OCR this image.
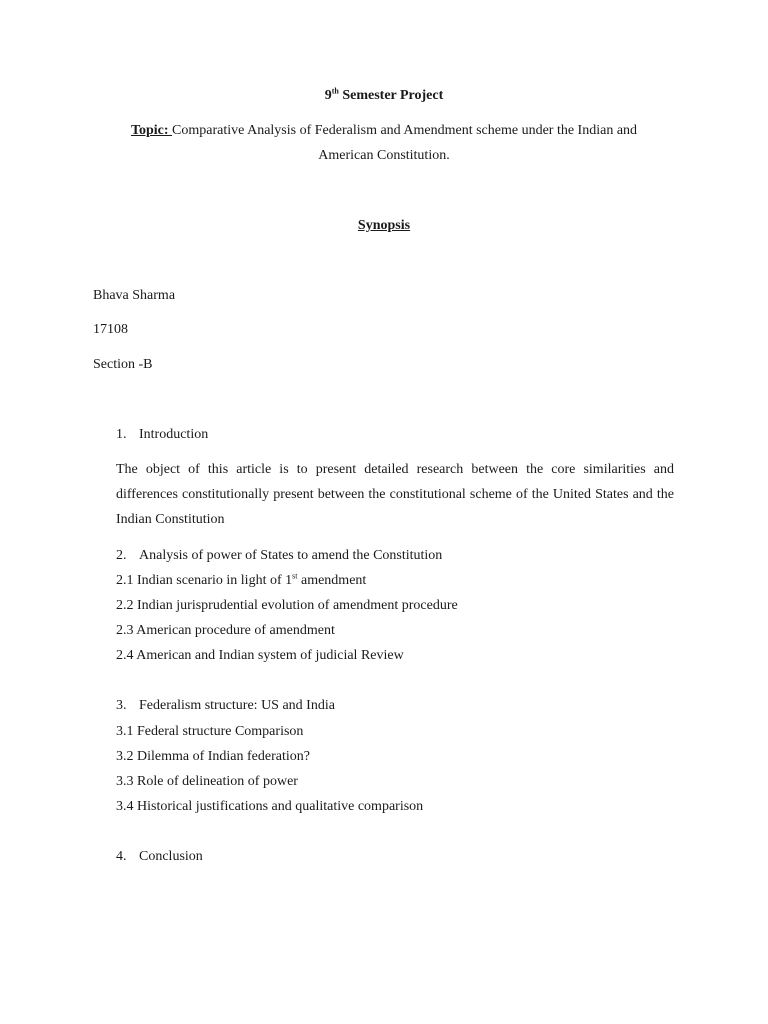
9th Semester Project
Topic: Comparative Analysis of Federalism and Amendment scheme under the Indian and
American Constitution.
Synopsis
Bhava Sharma
17108
Section -B
1. Introduction
The object of this article is to present detailed research between the core similarities and differences constitutionally present between the constitutional scheme of the United States and the Indian Constitution
2. Analysis of power of States to amend the Constitution
2.1 Indian scenario in light of 1st amendment
2.2 Indian jurisprudential evolution of amendment procedure
2.3 American procedure of amendment
2.4 American and Indian system of judicial Review
3. Federalism structure: US and India
3.1 Federal structure Comparison
3.2 Dilemma of Indian federation?
3.3 Role of delineation of power
3.4 Historical justifications and qualitative comparison
4. Conclusion
